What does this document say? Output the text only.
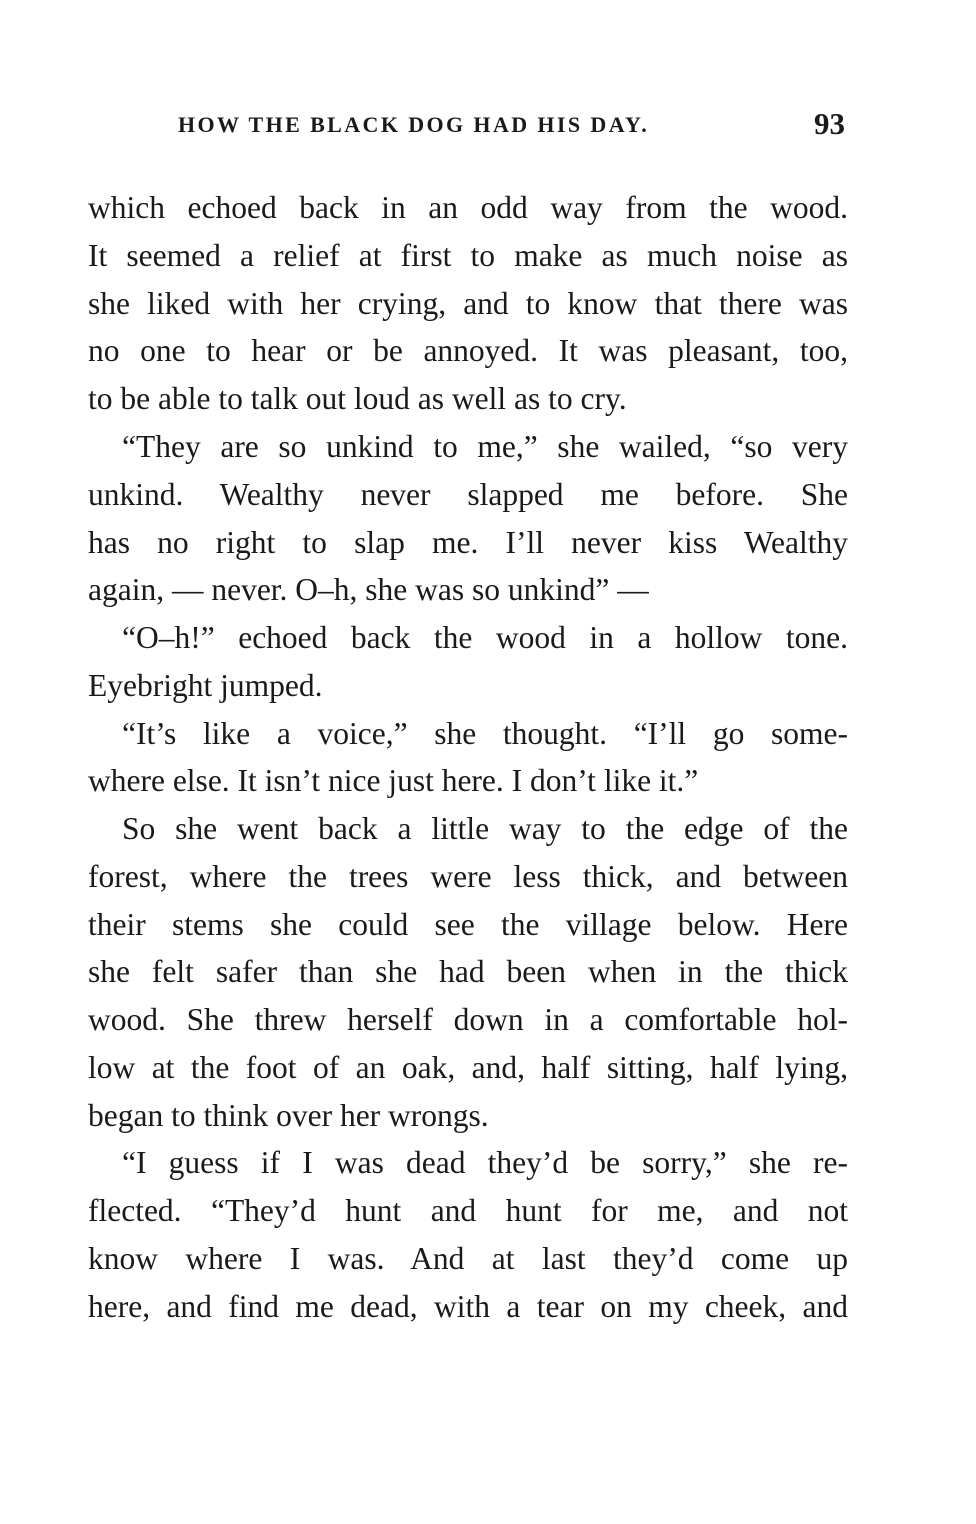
HOW THE BLACK DOG HAD HIS DAY.	93
which echoed back in an odd way from the wood.
It seemed a relief at first to make as much noise as
she liked with her crying, and to know that there was
no one to hear or be annoyed. It was pleasant, too,
to be able to talk out loud as well as to cry.
“They are so unkind to me,” she wailed, “so very
unkind. Wealthy never slapped me before. She
has no right to slap me. I’ll never kiss Wealthy
again, — never. O–h, she was so unkind” —
“O–h!” echoed back the wood in a hollow tone.
Eyebright jumped.
“It’s like a voice,” she thought. “I’ll go some-
where else. It isn’t nice just here. I don’t like it.”
So she went back a little way to the edge of the
forest, where the trees were less thick, and between
their stems she could see the village below. Here
she felt safer than she had been when in the thick
wood. She threw herself down in a comfortable hol-
low at the foot of an oak, and, half sitting, half lying,
began to think over her wrongs.
“I guess if I was dead they’d be sorry,” she re-
flected. “They’d hunt and hunt for me, and not
know where I was. And at last they’d come up
here, and find me dead, with a tear on my cheek, and
